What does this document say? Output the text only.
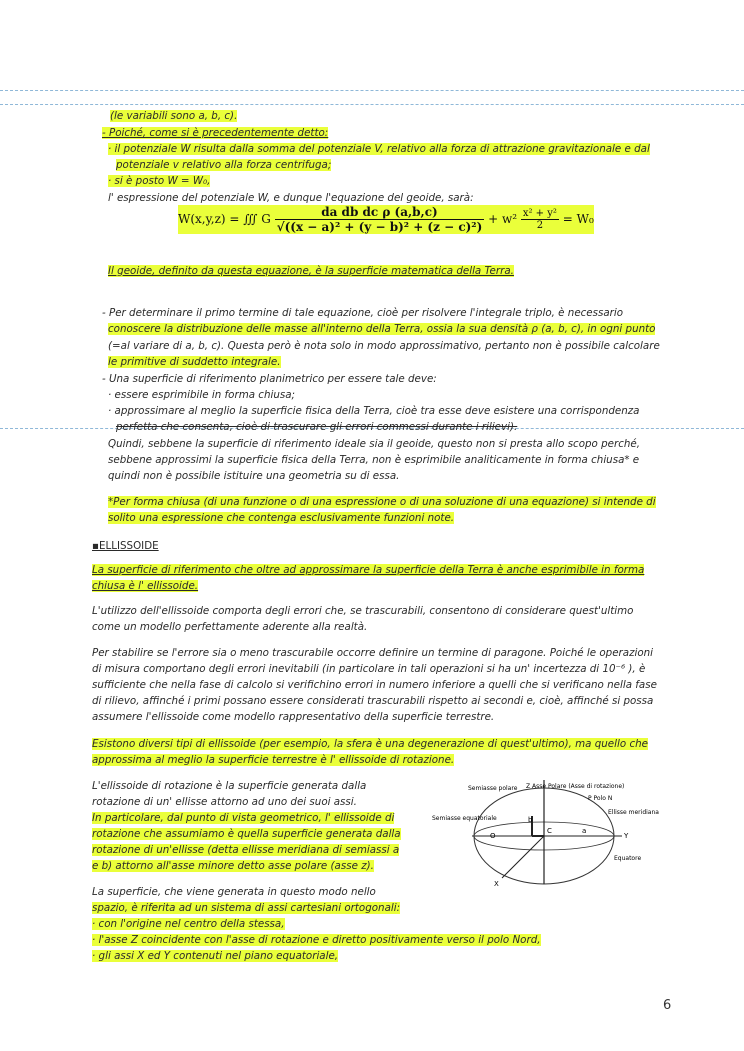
(le variabili sono a, b, c).
- Poiché, come si è precedentemente detto:
· il potenziale W risulta dalla somma del potenziale V, relativo alla forza di attrazione gravitazionale e dal
potenziale v relativo alla forza centrifuga;
· si è posto W = W₀,
l' espressione del potenziale W, e dunque l'equazione del geoide, sarà:
W(x,y,z) = ∭ G $\frac{\text{da db dc ρ (a,b,c)}}{\text{√((x − a)² + (y − b)² + (z − c)²)}} + w^2 \frac{\text{x² + y²}}{2} = W_0$
Il geoide, definito da questa equazione, è la superficie matematica della Terra.
- Per determinare il primo termine di tale equazione, cioè per risolvere l'integrale triplo, è necessario
conoscere la distribuzione delle masse all'interno della Terra, ossia la sua densità ρ (a, b, c), in ogni punto
(=al variare di a, b, c). Questa però è nota solo in modo approssimativo, pertanto non è possibile calcolare
le primitive di suddetto integrale.
- Una superficie di riferimento planimetrico per essere tale deve:
· essere esprimibile in forma chiusa;
· approssimare al meglio la superficie fisica della Terra, cioè tra esse deve esistere una corrispondenza
perfetta che consenta, cioè di trascurare gli errori commessi durante i rilievi).
Quindi, sebbene la superficie di riferimento ideale sia il geoide, questo non si presta allo scopo perché,
sebbene approssimi la superficie fisica della Terra, non è esprimibile analiticamente in forma chiusa* e
quindi non è possibile istituire una geometria su di essa.
*Per forma chiusa (di una funzione o di una espressione o di una soluzione di una equazione) si intende di
solito una espressione che contenga esclusivamente funzioni note.
▪ELLISSOIDE
La superficie di riferimento che oltre ad approssimare la superficie della Terra è anche esprimibile in forma
chiusa è l' ellissoide.
L'utilizzo dell'ellissoide comporta degli errori che, se trascurabili, consentono di considerare quest'ultimo
come un modello perfettamente aderente alla realtà.
Per stabilire se l'errore sia o meno trascurabile occorre definire un termine di paragone. Poiché le operazioni
di misura comportano degli errori inevitabili (in particolare in tali operazioni si ha un' incertezza di 10⁻⁶ ), è
sufficiente che nella fase di calcolo si verifichino errori in numero inferiore a quelli che si verificano nella fase
di rilievo, affinché i primi possano essere considerati trascurabili rispetto ai secondi e, cioè, affinché si possa
assumere l'ellissoide come modello rappresentativo della superficie terrestre.
Esistono diversi tipi di ellissoide (per esempio, la sfera è una degenerazione di quest'ultimo), ma quello che
approssima al meglio la superficie terrestre è l' ellissoide di rotazione.
L'ellissoide di rotazione è la superficie generata dalla
rotazione di un' ellisse attorno ad uno dei suoi assi.
In particolare, dal punto di vista geometrico, l' ellissoide di
rotazione che assumiamo è quella superficie generata dalla
rotazione di un'ellisse (detta ellisse meridiana di semiassi a
e b) attorno all'asse minore detto asse polare (asse z).
La superficie, che viene generata in questo modo nello
spazio, è riferita ad un sistema di assi cartesiani ortogonali:
· con l'origine nel centro della stessa,
· l'asse Z coincidente con l'asse di rotazione e diretto positivamente verso il polo Nord,
· gli assi X ed Y contenuti nel piano equatoriale,
Semiasse polare Z Asse Polare (Asse di rotazione)
P Polo N
Ellisse meridiana
Semiasse equatoriale
O
b
C	a
Y
X
Equatore
6
